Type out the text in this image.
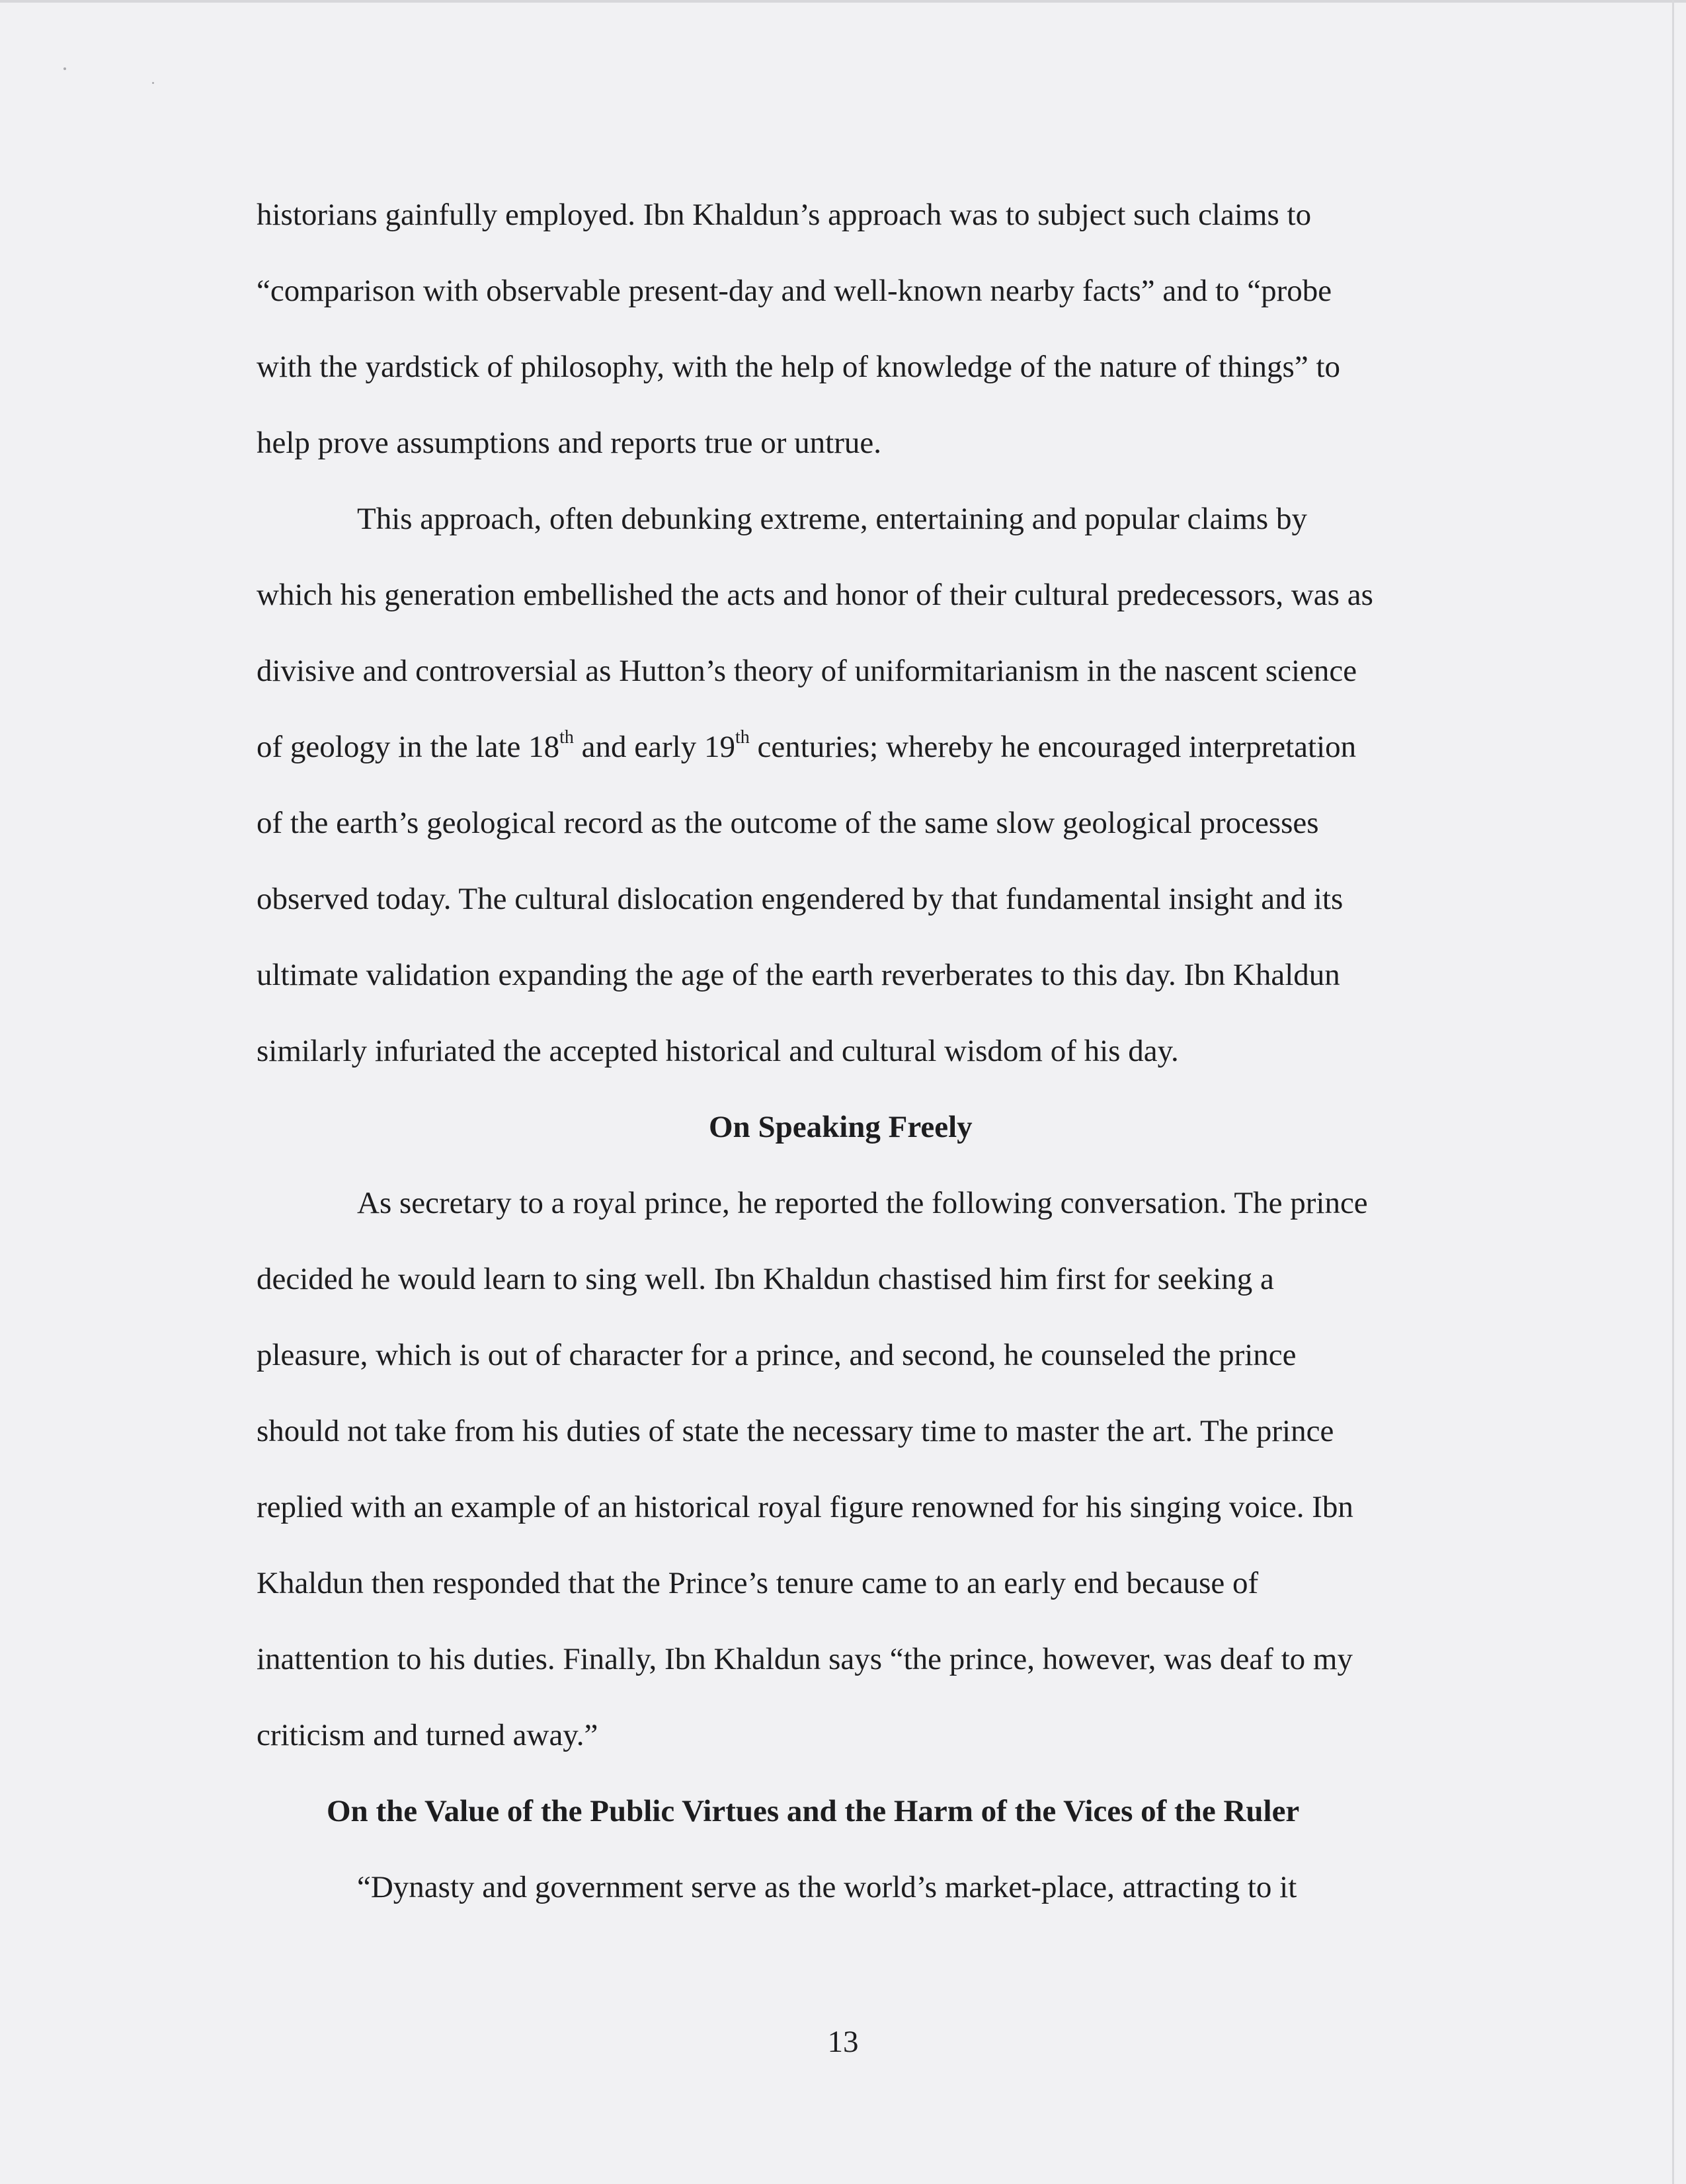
historians gainfully employed. Ibn Khaldun’s approach was to subject such claims to
“comparison with observable present-day and well-known nearby facts” and to “probe
with the yardstick of philosophy, with the help of knowledge of the nature of things” to
help prove assumptions and reports true or untrue.
This approach, often debunking extreme, entertaining and popular claims by
which his generation embellished the acts and honor of their cultural predecessors, was as
divisive and controversial as Hutton’s theory of uniformitarianism in the nascent science
of geology in the late 18th and early 19th centuries; whereby he encouraged interpretation
of the earth’s geological record as the outcome of the same slow geological processes
observed today. The cultural dislocation engendered by that fundamental insight and its
ultimate validation expanding the age of the earth reverberates to this day. Ibn Khaldun
similarly infuriated the accepted historical and cultural wisdom of his day.
On Speaking Freely
As secretary to a royal prince, he reported the following conversation. The prince
decided he would learn to sing well. Ibn Khaldun chastised him first for seeking a
pleasure, which is out of character for a prince, and second, he counseled the prince
should not take from his duties of state the necessary time to master the art. The prince
replied with an example of an historical royal figure renowned for his singing voice. Ibn
Khaldun then responded that the Prince’s tenure came to an early end because of
inattention to his duties. Finally, Ibn Khaldun says “the prince, however, was deaf to my
criticism and turned away.”
On the Value of the Public Virtues and the Harm of the Vices of the Ruler
“Dynasty and government serve as the world’s market-place, attracting to it
13
